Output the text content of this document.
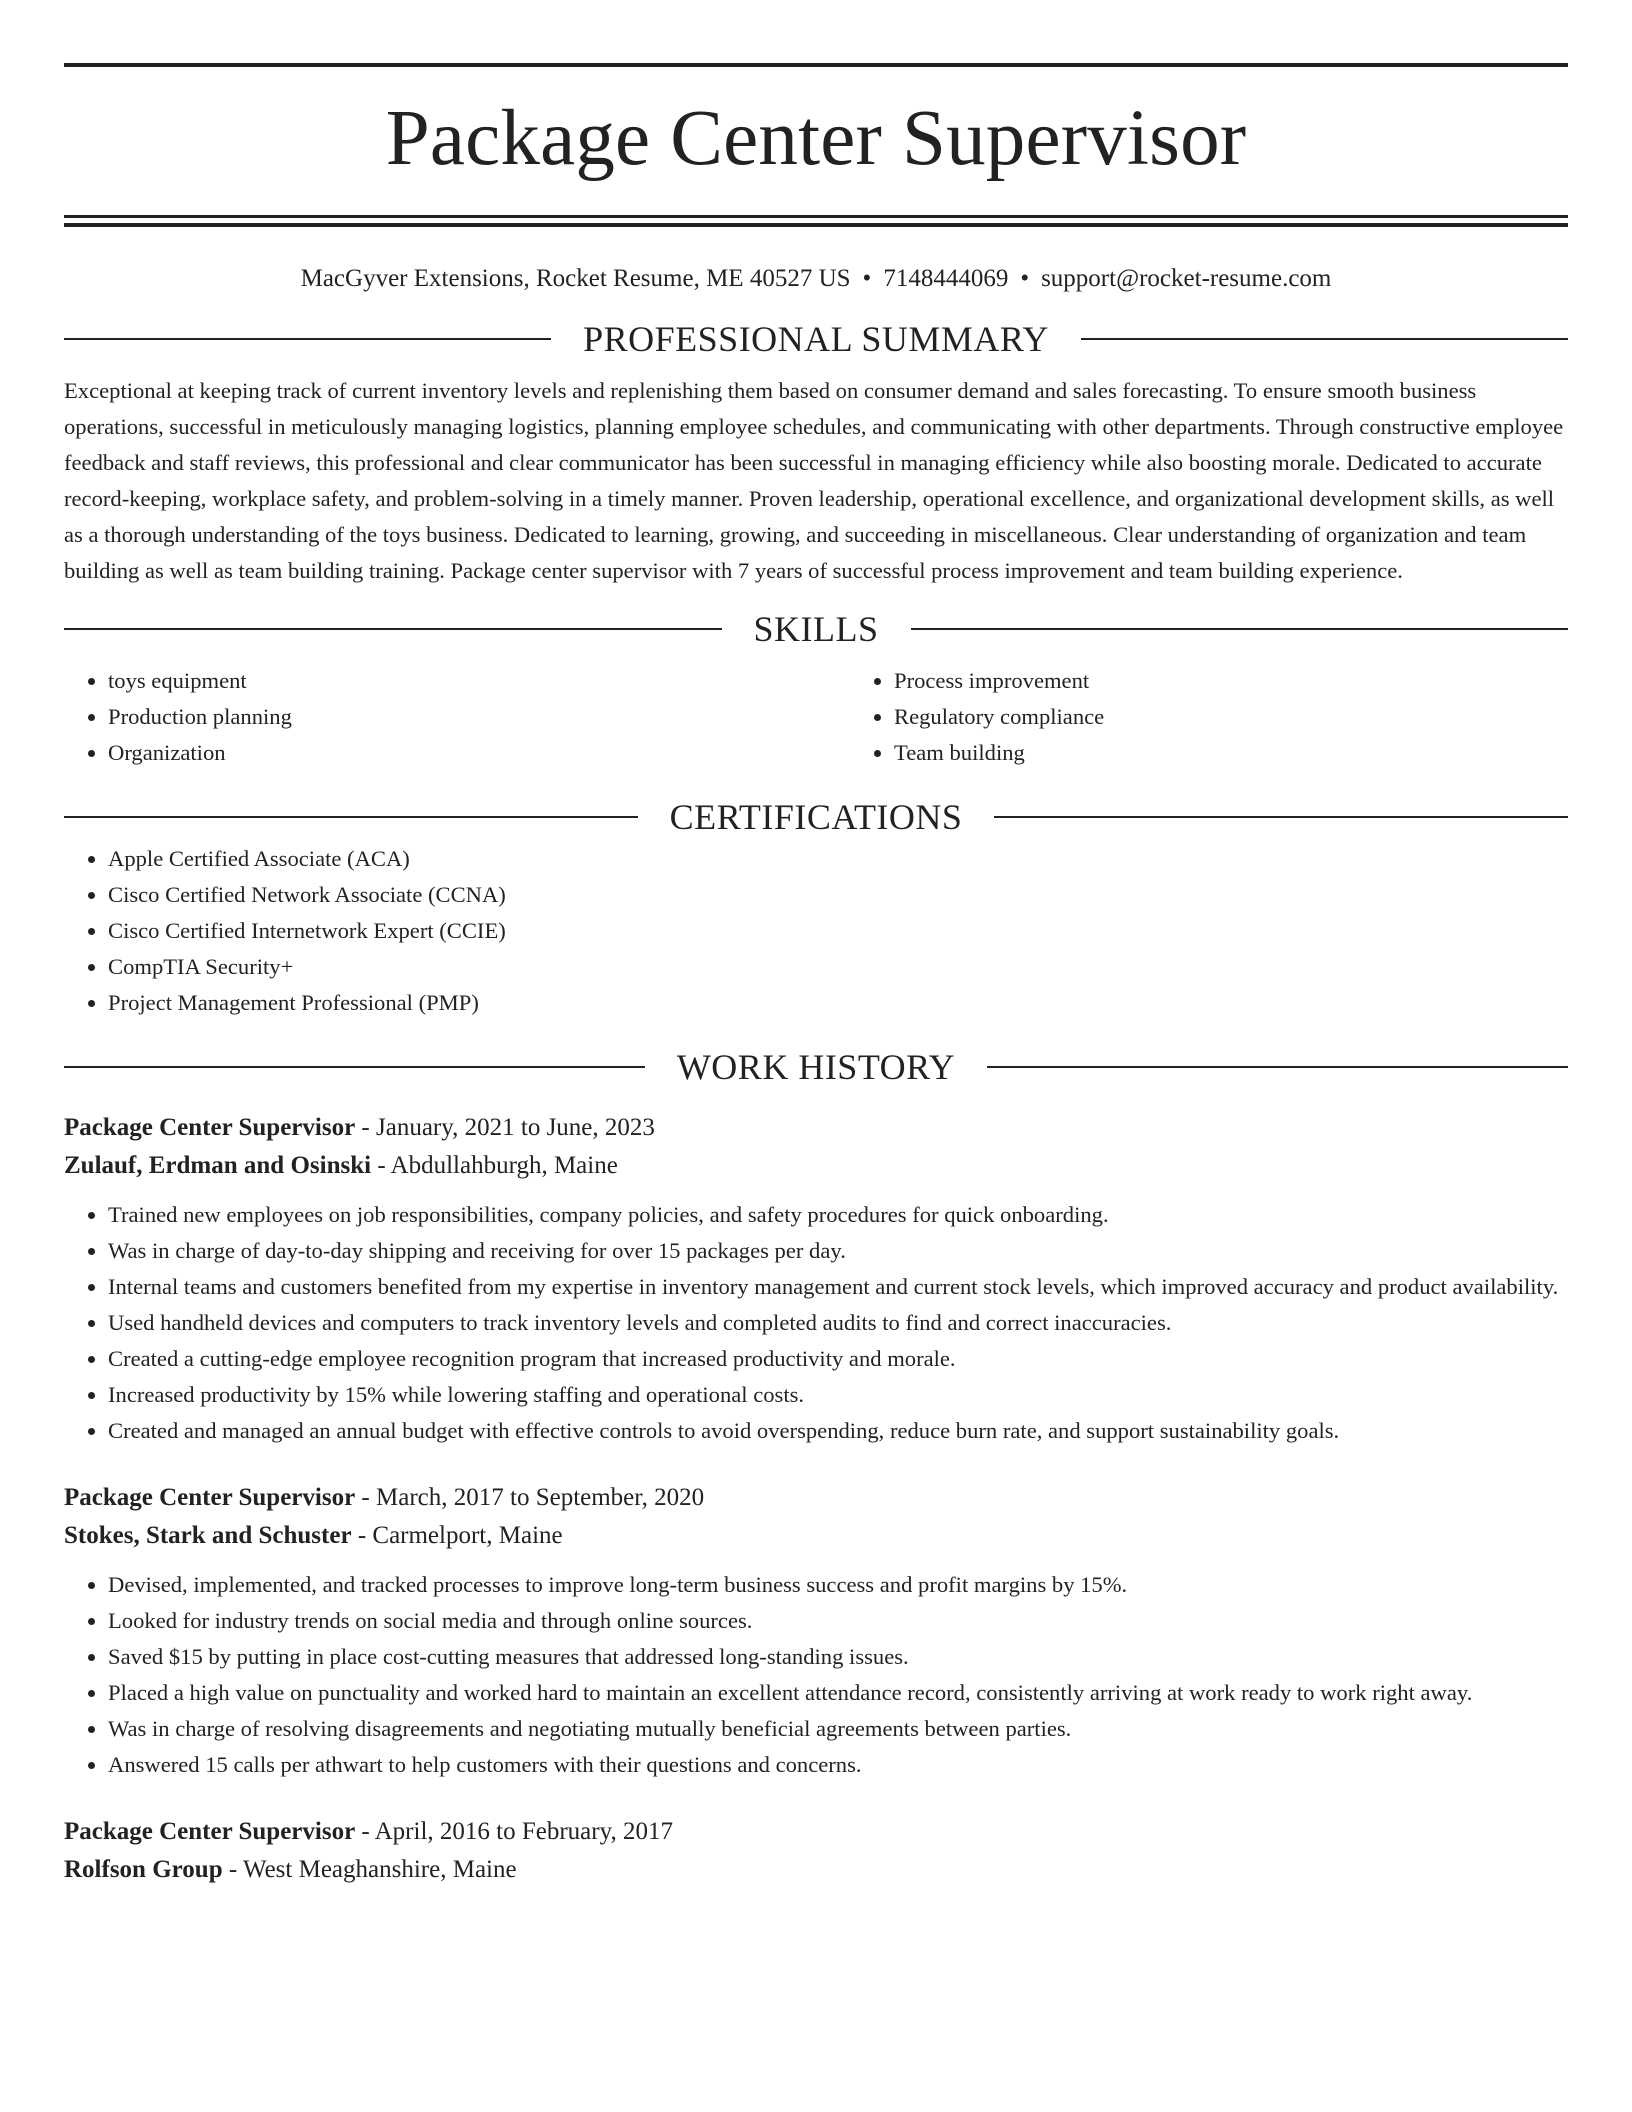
Package Center Supervisor
MacGyver Extensions, Rocket Resume, ME 40527 US • 7148444069 • support@rocket-resume.com
PROFESSIONAL SUMMARY
Exceptional at keeping track of current inventory levels and replenishing them based on consumer demand and sales forecasting. To ensure smooth business operations, successful in meticulously managing logistics, planning employee schedules, and communicating with other departments. Through constructive employee feedback and staff reviews, this professional and clear communicator has been successful in managing efficiency while also boosting morale. Dedicated to accurate record-keeping, workplace safety, and problem-solving in a timely manner. Proven leadership, operational excellence, and organizational development skills, as well as a thorough understanding of the toys business. Dedicated to learning, growing, and succeeding in miscellaneous. Clear understanding of organization and team building as well as team building training. Package center supervisor with 7 years of successful process improvement and team building experience.
SKILLS
• toys equipment
• Production planning
• Organization
• Process improvement
• Regulatory compliance
• Team building
CERTIFICATIONS
• Apple Certified Associate (ACA)
• Cisco Certified Network Associate (CCNA)
• Cisco Certified Internetwork Expert (CCIE)
• CompTIA Security+
• Project Management Professional (PMP)
WORK HISTORY
Package Center Supervisor - January, 2021 to June, 2023
Zulauf, Erdman and Osinski - Abdullahburgh, Maine
• Trained new employees on job responsibilities, company policies, and safety procedures for quick onboarding.
• Was in charge of day-to-day shipping and receiving for over 15 packages per day.
• Internal teams and customers benefited from my expertise in inventory management and current stock levels, which improved accuracy and product availability.
• Used handheld devices and computers to track inventory levels and completed audits to find and correct inaccuracies.
• Created a cutting-edge employee recognition program that increased productivity and morale.
• Increased productivity by 15% while lowering staffing and operational costs.
• Created and managed an annual budget with effective controls to avoid overspending, reduce burn rate, and support sustainability goals.
Package Center Supervisor - March, 2017 to September, 2020
Stokes, Stark and Schuster - Carmelport, Maine
• Devised, implemented, and tracked processes to improve long-term business success and profit margins by 15%.
• Looked for industry trends on social media and through online sources.
• Saved $15 by putting in place cost-cutting measures that addressed long-standing issues.
• Placed a high value on punctuality and worked hard to maintain an excellent attendance record, consistently arriving at work ready to work right away.
• Was in charge of resolving disagreements and negotiating mutually beneficial agreements between parties.
• Answered 15 calls per athwart to help customers with their questions and concerns.
Package Center Supervisor - April, 2016 to February, 2017
Rolfson Group - West Meaghanshire, Maine
